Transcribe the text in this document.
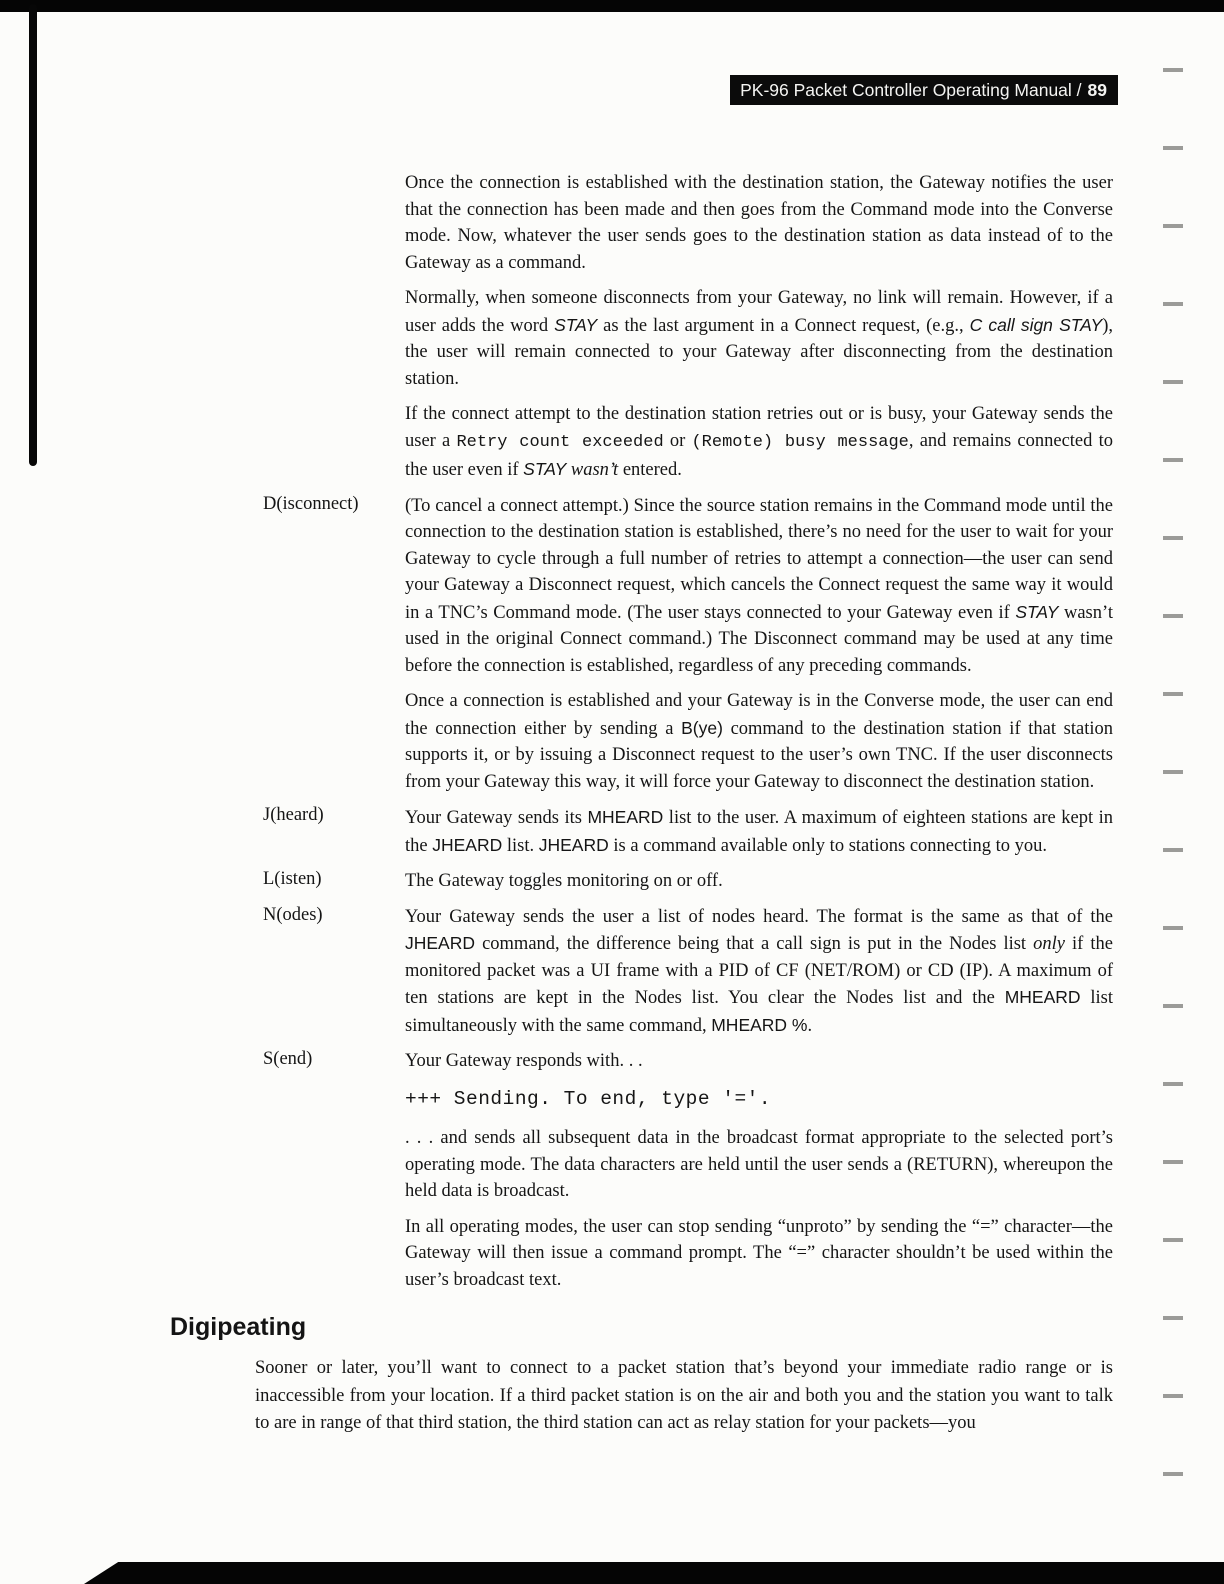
PK-96 Packet Controller Operating Manual / 89

Once the connection is established with the destination station, the Gateway notifies the user that the connection has been made and then goes from the Command mode into the Converse mode. Now, whatever the user sends goes to the destination station as data instead of to the Gateway as a command.

Normally, when someone disconnects from your Gateway, no link will remain. However, if a user adds the word STAY as the last argument in a Connect request, (e.g., C call sign STAY), the user will remain connected to your Gateway after disconnecting from the destination station.

If the connect attempt to the destination station retries out or is busy, your Gateway sends the user a Retry count exceeded or (Remote) busy message, and remains connected to the user even if STAY wasn’t entered.

D(isconnect)	(To cancel a connect attempt.) Since the source station remains in the Command mode until the connection to the destination station is established, there’s no need for the user to wait for your Gateway to cycle through a full number of retries to attempt a connection—the user can send your Gateway a Disconnect request, which cancels the Connect request the same way it would in a TNC’s Command mode. (The user stays connected to your Gateway even if STAY wasn’t used in the original Connect command.) The Disconnect command may be used at any time before the connection is established, regardless of any preceding commands.

Once a connection is established and your Gateway is in the Converse mode, the user can end the connection either by sending a B(ye) command to the destination station if that station supports it, or by issuing a Disconnect request to the user’s own TNC. If the user disconnects from your Gateway this way, it will force your Gateway to disconnect the destination station.

J(heard)	Your Gateway sends its MHEARD list to the user. A maximum of eighteen stations are kept in the JHEARD list. JHEARD is a command available only to stations connecting to you.

L(isten)	The Gateway toggles monitoring on or off.

N(odes)	Your Gateway sends the user a list of nodes heard. The format is the same as that of the JHEARD command, the difference being that a call sign is put in the Nodes list only if the monitored packet was a UI frame with a PID of CF (NET/ROM) or CD (IP). A maximum of ten stations are kept in the Nodes list. You clear the Nodes list and the MHEARD list simultaneously with the same command, MHEARD %.

S(end)	Your Gateway responds with. . .

+++ Sending. To end, type '='.

. . . and sends all subsequent data in the broadcast format appropriate to the selected port’s operating mode. The data characters are held until the user sends a (RETURN), whereupon the held data is broadcast.

In all operating modes, the user can stop sending “unproto” by sending the “=” character—the Gateway will then issue a command prompt. The “=” character shouldn’t be used within the user’s broadcast text.

Digipeating

Sooner or later, you’ll want to connect to a packet station that’s beyond your immediate radio range or is inaccessible from your location. If a third packet station is on the air and both you and the station you want to talk to are in range of that third station, the third station can act as relay station for your packets—you
